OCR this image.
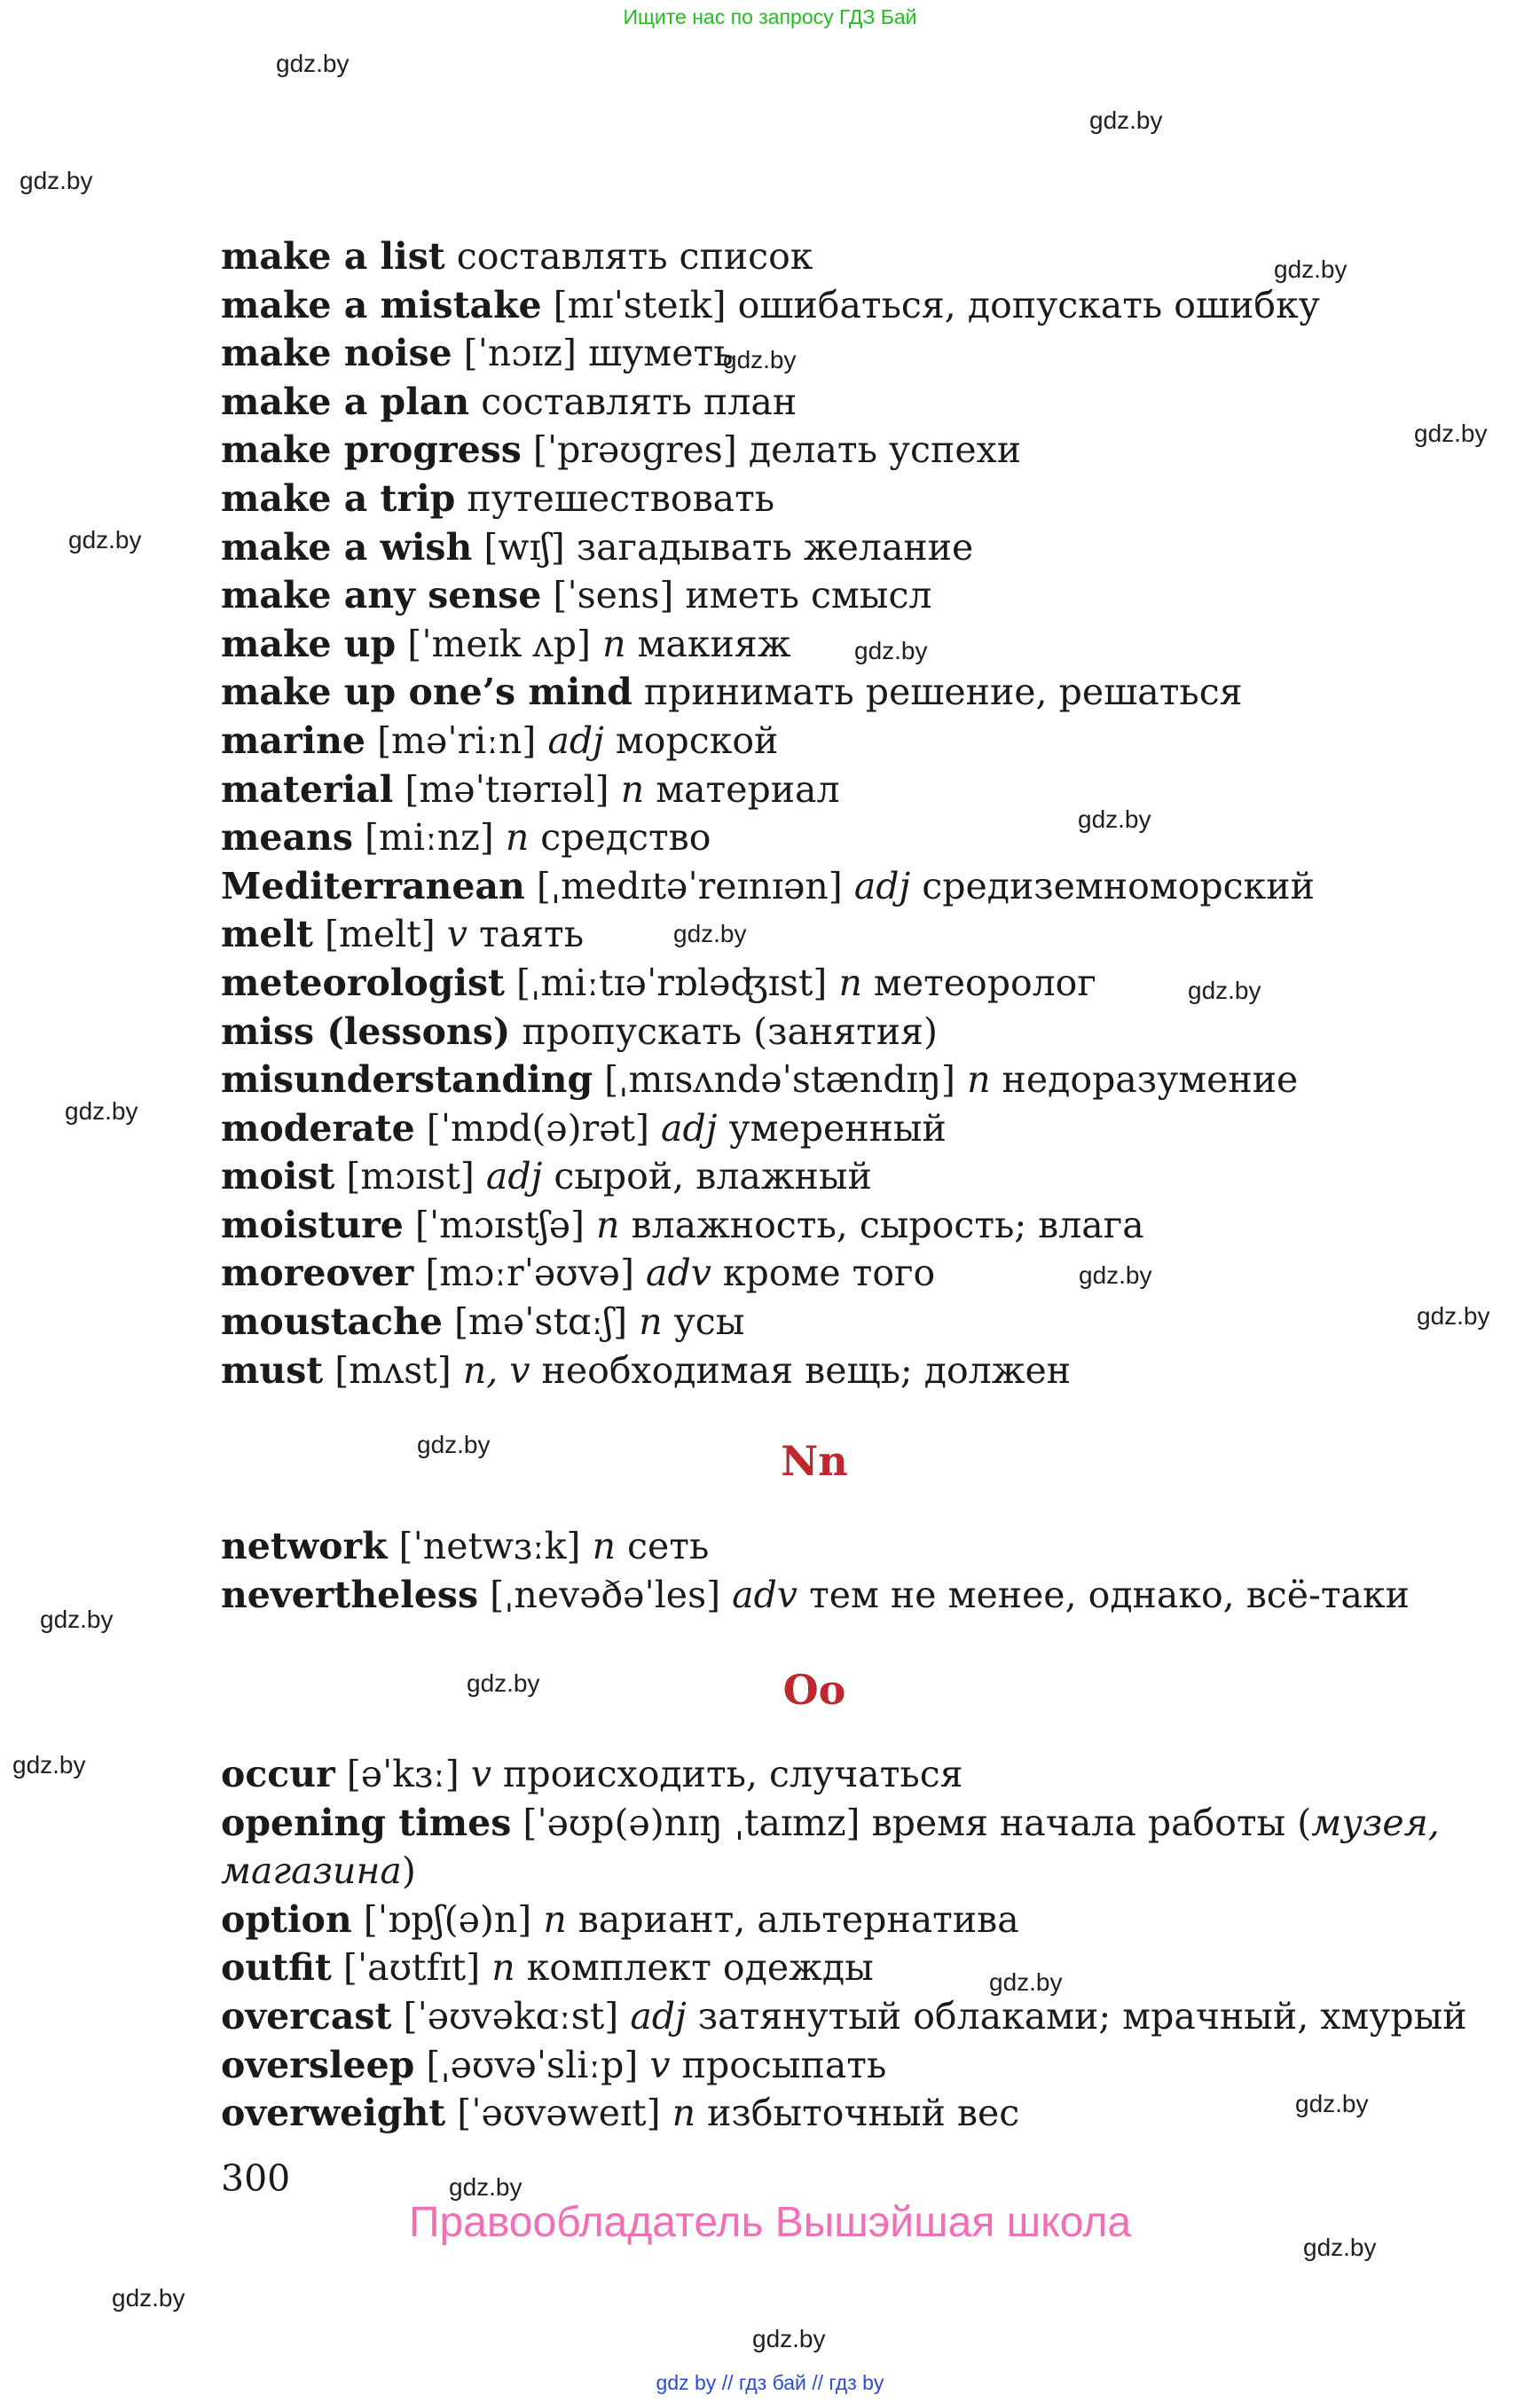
Ищите нас по запросу ГДЗ Бай
gdz.by
gdz.by
gdz.by
gdz.by
gdz.by
gdz.by
gdz.by
gdz.by
gdz.by
gdz.by
gdz.by
gdz.by
gdz.by
gdz.by
gdz.by
gdz.by
gdz.by
gdz.by
gdz.by
gdz.by
gdz.by
gdz.by
gdz.by
gdz.by
make a list составлять список
make a mistake [mɪˈsteɪk] ошибаться, допускать ошибку
make noise [ˈnɔɪz] шуметь
make a plan составлять план
make progress [ˈprəʊgres] делать успехи
make a trip путешествовать
make a wish [wɪʃ] загадывать желание
make any sense [ˈsens] иметь смысл
make up [ˈmeɪk ʌp] n макияж
make up one’s mind принимать решение, решаться
marine [məˈriːn] adj морской
material [məˈtɪərɪəl] n материал
means [miːnz] n средство
Mediterranean [ˌmedɪtəˈreɪnɪən] adj средиземноморский
melt [melt] v таять
meteorologist [ˌmiːtɪəˈrɒləʤɪst] n метеоролог
miss (lessons) пропускать (занятия)
misunderstanding [ˌmɪsʌndəˈstændɪŋ] n недоразумение
moderate [ˈmɒd(ə)rət] adj умеренный
moist [mɔɪst] adj сырой, влажный
moisture [ˈmɔɪstʃə] n влажность, сырость; влага
moreover [mɔːrˈəʊvə] adv кроме того
moustache [məˈstɑːʃ] n усы
must [mʌst] n, v необходимая вещь; должен
Nn
network [ˈnetwɜːk] n сеть
nevertheless [ˌnevəðəˈles] adv тем не менее, однако, всё-таки
Oo
occur [əˈkɜː] v происходить, случаться
opening times [ˈəʊp(ə)nɪŋ ˌtaɪmz] время начала работы (музея, магазина)
option [ˈɒpʃ(ə)n] n вариант, альтернатива
outfit [ˈaʊtfɪt] n комплект одежды
overcast [ˈəʊvəkɑːst] adj затянутый облаками; мрачный, хмурый
oversleep [ˌəʊvəˈsliːp] v просыпать
overweight [ˈəʊvəweɪt] n избыточный вес
300
Правообладатель Вышэйшая школа
gdz by // гдз бай // гдз by
